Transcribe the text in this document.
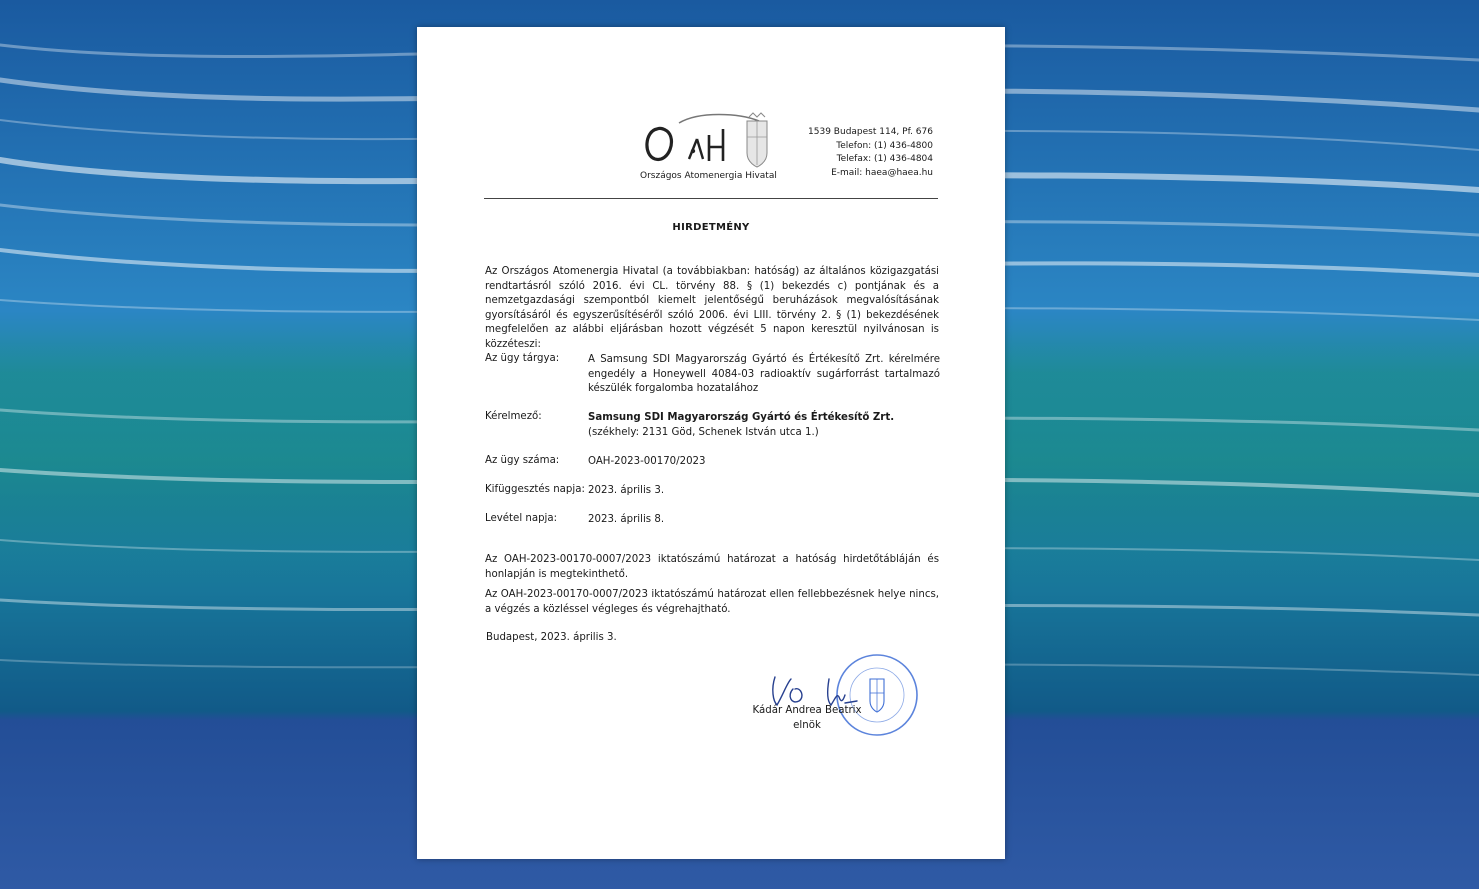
Országos Atomenergia Hivatal
1539 Budapest 114, Pf. 676
Telefon: (1) 436-4800
Telefax: (1) 436-4804
E-mail: haea@haea.hu
HIRDETMÉNY
Az Országos Atomenergia Hivatal (a továbbiakban: hatóság) az általános közigazgatási rendtartásról szóló 2016. évi CL. törvény 88. § (1) bekezdés c) pontjának és a nemzetgazdasági szempontból kiemelt jelentőségű beruházások megvalósításának gyorsításáról és egyszerűsítéséről szóló 2006. évi LIII. törvény 2. § (1) bekezdésének megfelelően az alábbi eljárásban hozott végzését 5 napon keresztül nyilvánosan is közzéteszi:
Az ügy tárgya:	A Samsung SDI Magyarország Gyártó és Értékesítő Zrt. kérelmére engedély a Honeywell 4084-03 radioaktív sugárforrást tartalmazó készülék forgalomba hozatalához
Kérelmező:	Samsung SDI Magyarország Gyártó és Értékesítő Zrt.
(székhely: 2131 Göd, Schenek István utca 1.)
Az ügy száma:	OAH-2023-00170/2023
Kifüggesztés napja: 2023. április 3.
Levétel napja:	2023. április 8.
Az OAH-2023-00170-0007/2023 iktatószámú határozat a hatóság hirdetőtábláján és honlapján is megtekinthető.
Az OAH-2023-00170-0007/2023 iktatószámú határozat ellen fellebbezésnek helye nincs, a végzés a közléssel végleges és végrehajtható.
Budapest, 2023. április 3.
Kádár Andrea Beatrix
elnök
